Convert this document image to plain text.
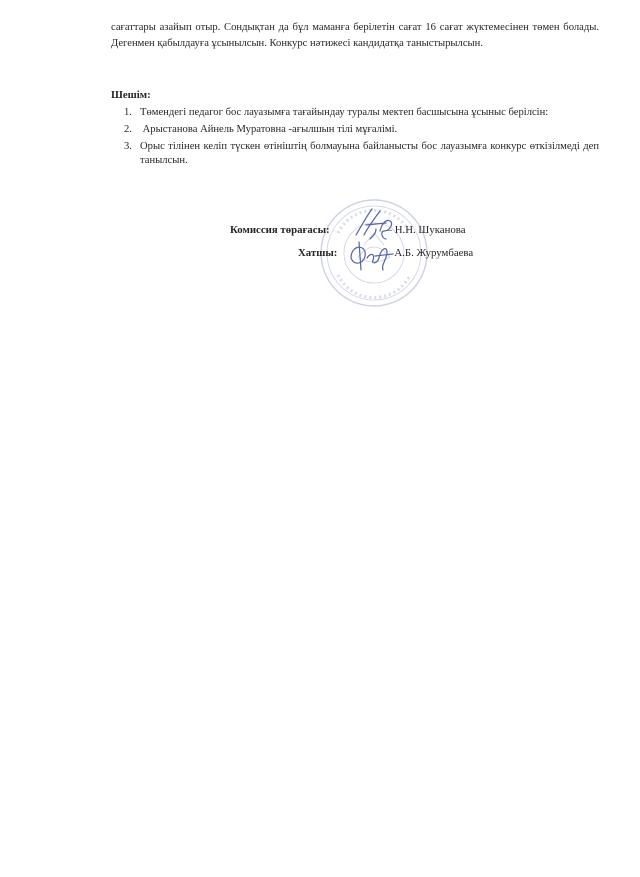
сағаттары азайып отыр. Сондықтан да бұл маманға берілетін сағат 16 сағат жүктемесінен төмен болады. Дегенмен қабылдауға ұсынылсын. Конкурс нәтижесі кандидатқа таныстырылсын.

Шешім:
1. Төмендегі педагог бос лауазымға тағайындау туралы мектеп басшысына ұсыныс берілсін:
2. Арыстанова Айнель Муратовна -ағылшын тілі мұғалімі.
3. Орыс тілінен келіп түскен өтініштің болмауына байланысты бос лауазымға конкурс өткізілмеді деп танылсын.
Комиссия төрағасы:	– Н.Н. Шуканова
Хатшы:	А.Б. Журумбаева
